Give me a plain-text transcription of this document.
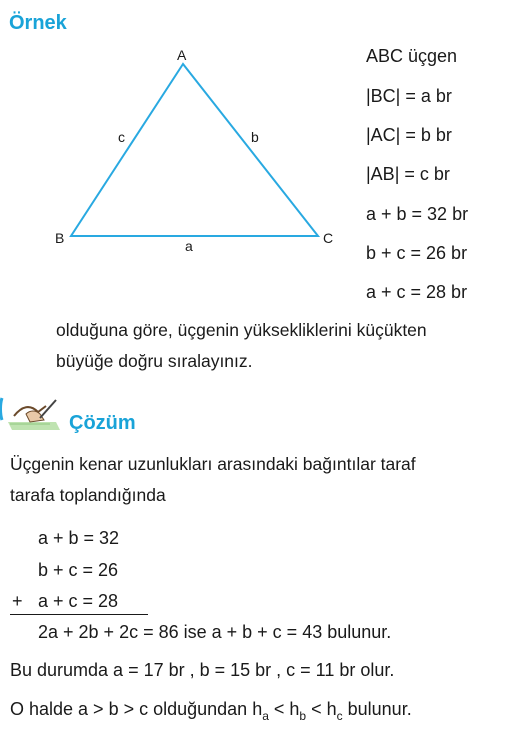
Örnek
A
B	C
a
b
c
ABC üçgen
|BC| = a br
|AC| = b br
|AB| = c br
a + b = 32 br
b + c = 26 br
a + c = 28 br
olduğuna göre, üçgenin yüksekliklerini küçükten
büyüğe doğru sıralayınız.
Çözüm
Üçgenin kenar uzunlukları arasındaki bağıntılar taraf
tarafa toplandığında
a + b = 32
b + c = 26
+ a + c = 28
2a + 2b + 2c = 86 ise a + b + c = 43 bulunur.
Bu durumda a = 17 br , b = 15 br , c = 11 br olur.
O halde a > b > c olduğundan $h_a < h_b < h_c$ bulunur.
